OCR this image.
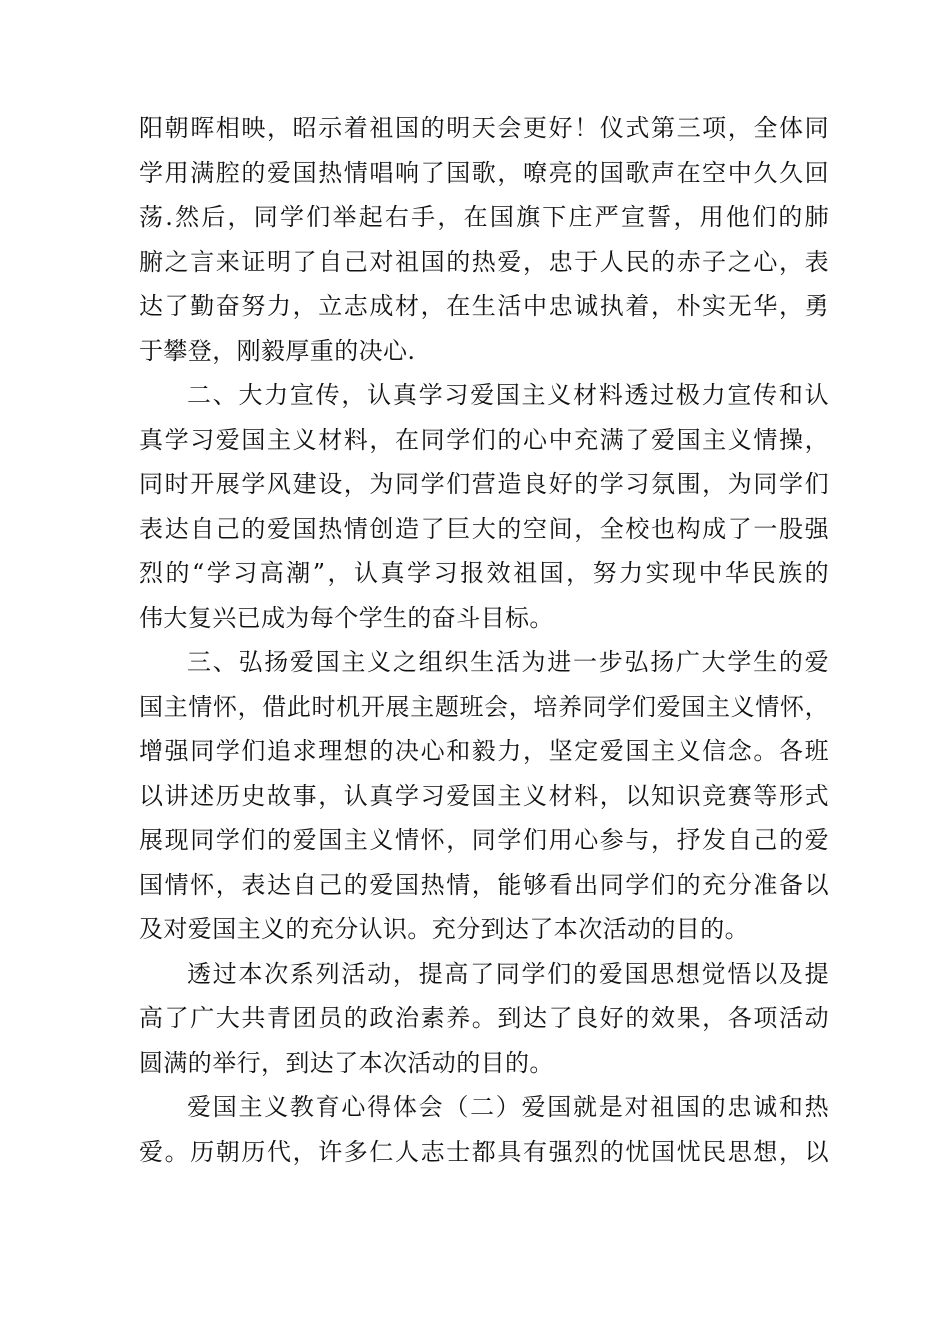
阳朝晖相映，昭示着祖国的明天会更好！仪式第三项，全体同
学用满腔的爱国热情唱响了国歌，嘹亮的国歌声在空中久久回
荡.然后，同学们举起右手，在国旗下庄严宣誓，用他们的肺
腑之言来证明了自己对祖国的热爱，忠于人民的赤子之心，表
达了勤奋努力，立志成材，在生活中忠诚执着，朴实无华，勇
于攀登，刚毅厚重的决心.

二、大力宣传，认真学习爱国主义材料透过极力宣传和认
真学习爱国主义材料，在同学们的心中充满了爱国主义情操，
同时开展学风建设，为同学们营造良好的学习氛围，为同学们
表达自己的爱国热情创造了巨大的空间，全校也构成了一股强
烈的“学习高潮”，认真学习报效祖国，努力实现中华民族的
伟大复兴已成为每个学生的奋斗目标。

三、弘扬爱国主义之组织生活为进一步弘扬广大学生的爱
国主情怀，借此时机开展主题班会，培养同学们爱国主义情怀，
增强同学们追求理想的决心和毅力，坚定爱国主义信念。各班
以讲述历史故事，认真学习爱国主义材料，以知识竞赛等形式
展现同学们的爱国主义情怀，同学们用心参与，抒发自己的爱
国情怀，表达自己的爱国热情，能够看出同学们的充分准备以
及对爱国主义的充分认识。充分到达了本次活动的目的。

透过本次系列活动，提高了同学们的爱国思想觉悟以及提
高了广大共青团员的政治素养。到达了良好的效果，各项活动
圆满的举行，到达了本次活动的目的。

爱国主义教育心得体会（二）爱国就是对祖国的忠诚和热
爱。历朝历代，许多仁人志士都具有强烈的忧国忧民思想，以
